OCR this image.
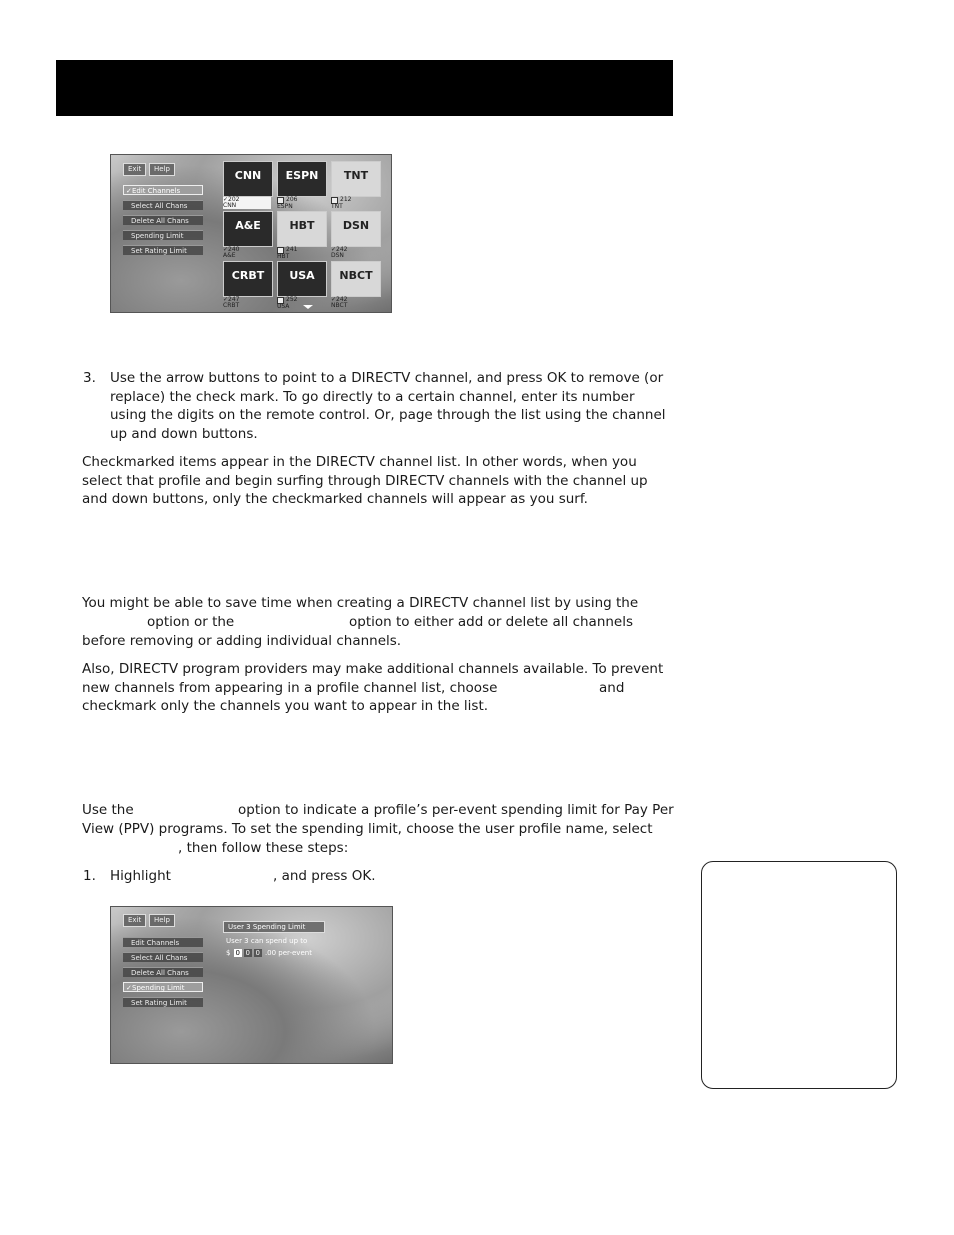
Exit	Help
✓ Edit Channels
Select All Chans
Delete All Chans
Spending Limit
Set Rating Limit
CNN
✓202
CNN
ESPN
206
ESPN
TNT
212
TNT
A&E
✓240
A&E
HBT
241
HBT
DSN
✓242
DSN
CRBT
✓247
CRBT
USA
252
USA
NBCT
✓242
NBCT
3. Use the arrow buttons to point to a DIRECTV channel, and press OK to remove (or replace) the check mark. To go directly to a certain channel, enter its number using the digits on the remote control. Or, page through the list using the channel up and down buttons.

Checkmarked items appear in the DIRECTV channel list. In other words, when you select that profile and begin surfing through DIRECTV channels with the channel up and down buttons, only the checkmarked channels will appear as you surf.

You might be able to save time when creating a DIRECTV channel list by using the
option or the	option to either add or delete all channels
before removing or adding individual channels.
Also, DIRECTV program providers may make additional channels available. To prevent
new channels from appearing in a profile channel list, choose	and
checkmark only the channels you want to appear in the list.
Use the	option to indicate a profile’s per-event spending limit for Pay Per
View (PPV) programs. To set the spending limit, choose the user profile name, select
, then follow these steps:
1. Highlight	, and press OK.
Exit	Help
Edit Channels
Select All Chans
Delete All Chans
✓ Spending Limit
Set Rating Limit
User 3 Spending Limit
User 3 can spend up to
$ 0 0 0 .00 per-event
